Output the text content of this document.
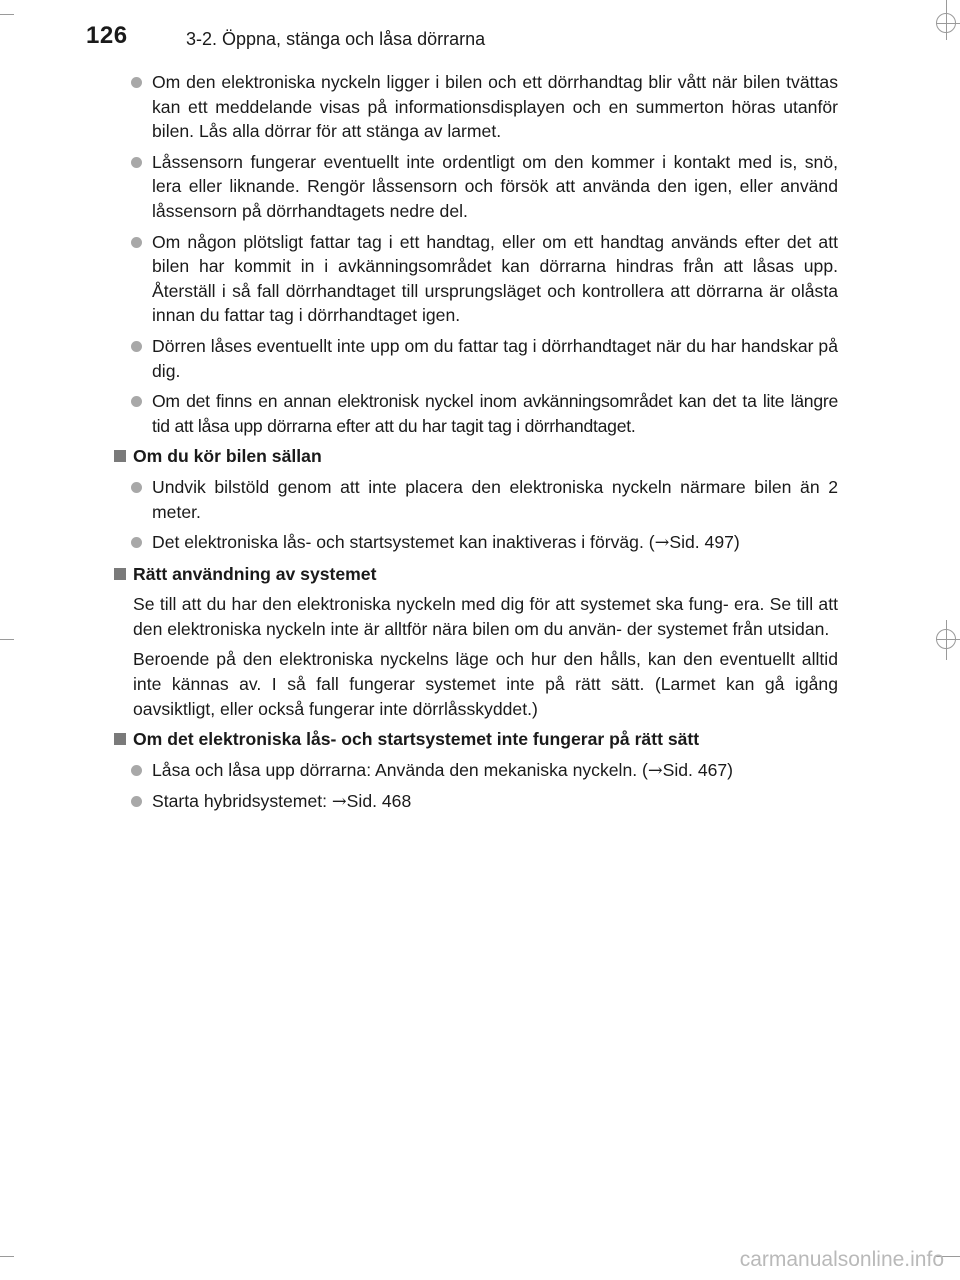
126	3-2. Öppna, stänga och låsa dörrarna
Om den elektroniska nyckeln ligger i bilen och ett dörrhandtag blir vått när bilen tvättas kan ett meddelande visas på informationsdisplayen och en summerton höras utanför bilen. Lås alla dörrar för att stänga av larmet.
Låssensorn fungerar eventuellt inte ordentligt om den kommer i kontakt med is, snö, lera eller liknande. Rengör låssensorn och försök att använda den igen, eller använd låssensorn på dörrhandtagets nedre del.
Om någon plötsligt fattar tag i ett handtag, eller om ett handtag används efter det att bilen har kommit in i avkänningsområdet kan dörrarna hindras från att låsas upp. Återställ i så fall dörrhandtaget till ursprungsläget och kontrollera att dörrarna är olåsta innan du fattar tag i dörrhandtaget igen.
Dörren låses eventuellt inte upp om du fattar tag i dörrhandtaget när du har handskar på dig.
Om det finns en annan elektronisk nyckel inom avkänningsområdet kan det ta lite längre tid att låsa upp dörrarna efter att du har tagit tag i dörrhandtaget.
Om du kör bilen sällan
Undvik bilstöld genom att inte placera den elektroniska nyckeln närmare bilen än 2 meter.
Det elektroniska lås- och startsystemet kan inaktiveras i förväg. (→Sid. 497)
Rätt användning av systemet
Se till att du har den elektroniska nyckeln med dig för att systemet ska fung- era. Se till att den elektroniska nyckeln inte är alltför nära bilen om du använ- der systemet från utsidan.
Beroende på den elektroniska nyckelns läge och hur den hålls, kan den eventuellt alltid inte kännas av. I så fall fungerar systemet inte på rätt sätt. (Larmet kan gå igång oavsiktligt, eller också fungerar inte dörrlåsskyddet.)
Om det elektroniska lås- och startsystemet inte fungerar på rätt sätt
Låsa och låsa upp dörrarna: Använda den mekaniska nyckeln. (→Sid. 467)
Starta hybridsystemet: →Sid. 468
carmanualsonline.info
